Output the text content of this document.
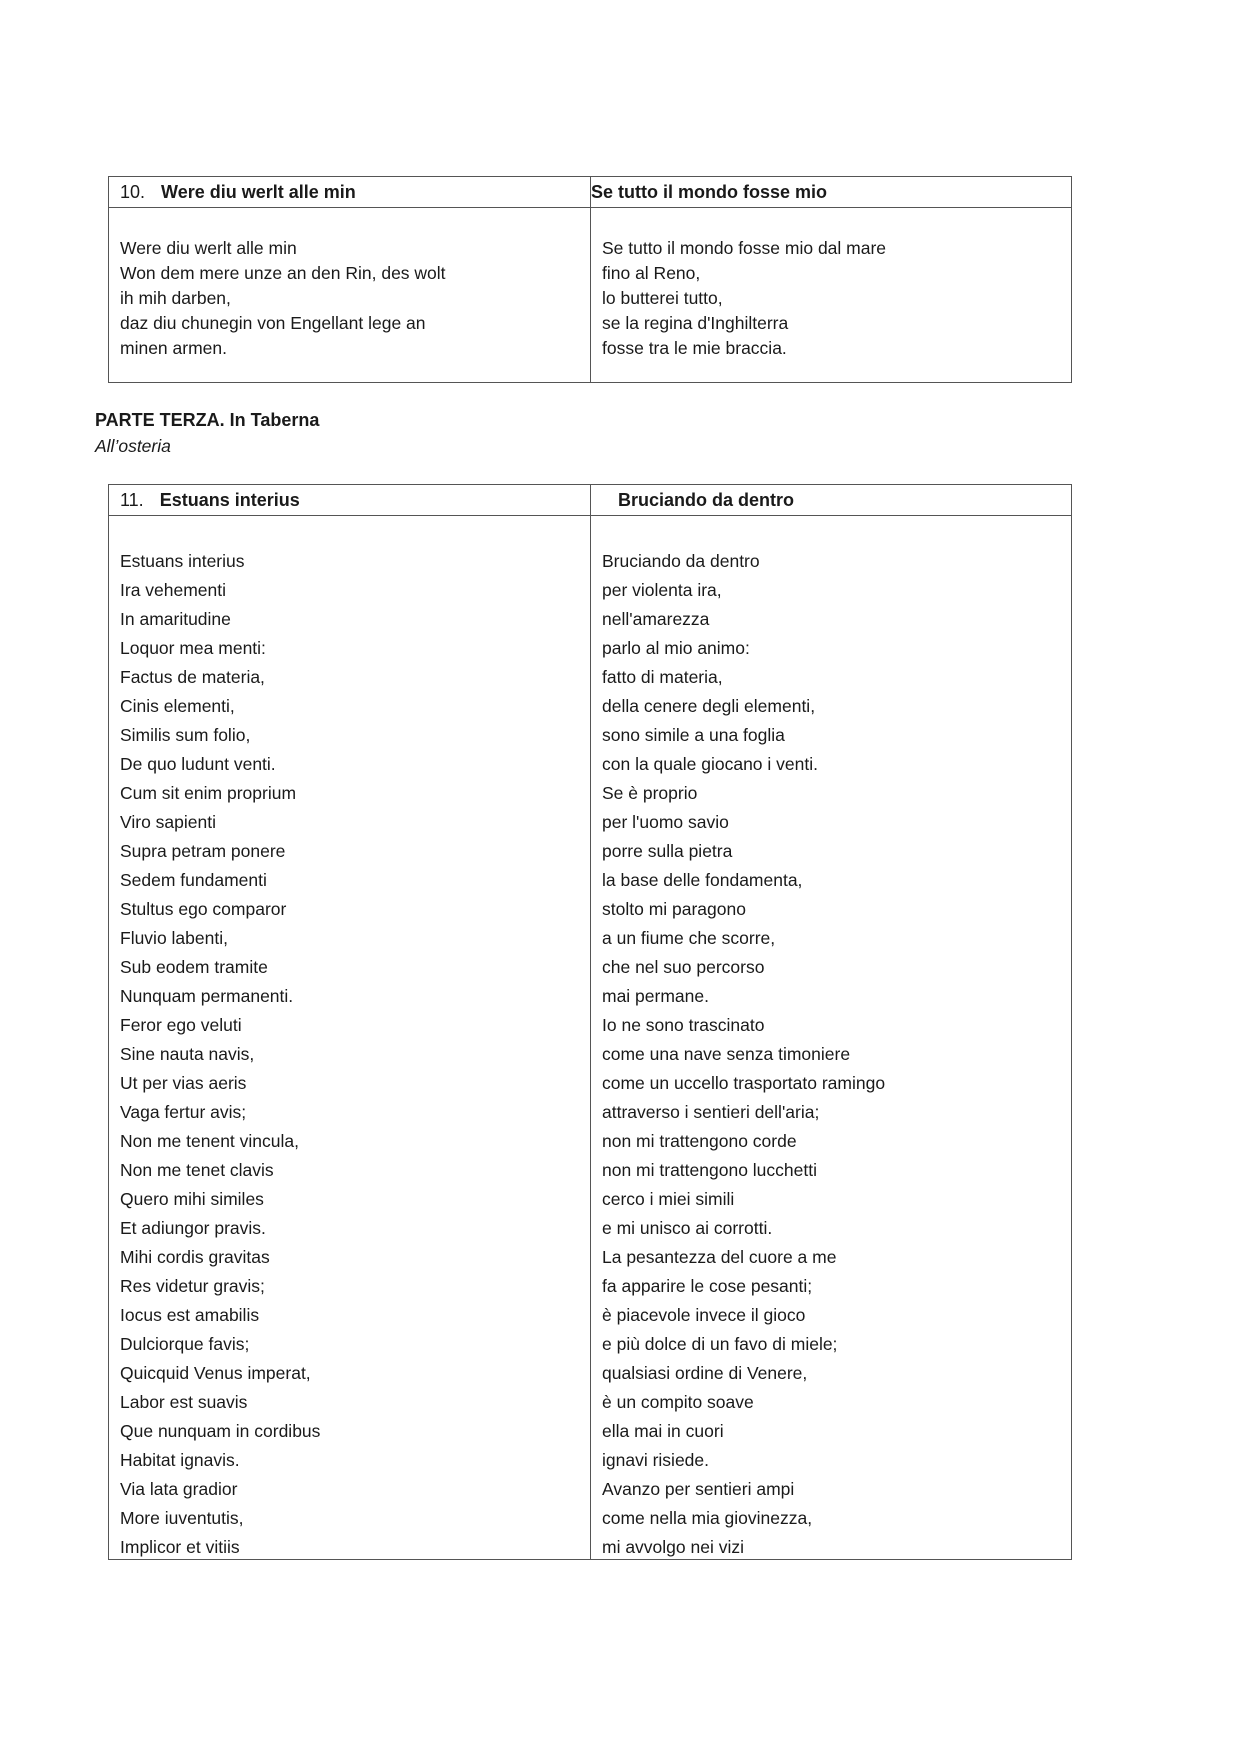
10. Were diu werlt alle min	Se tutto il mondo fosse mio
Were diu werlt alle min
Won dem mere unze an den Rin, des wolt
ih mih darben,
daz diu chunegin von Engellant lege an
minen armen.
Se tutto il mondo fosse mio dal mare
fino al Reno,
lo butterei tutto,
se la regina d'Inghilterra
fosse tra le mie braccia.
PARTE TERZA. In Taberna
All’osteria
11. Estuans interius	Bruciando da dentro
Estuans interius
Ira vehementi
In amaritudine
Loquor mea menti:
Factus de materia,
Cinis elementi,
Similis sum folio,
De quo ludunt venti.
Cum sit enim proprium
Viro sapienti
Supra petram ponere
Sedem fundamenti
Stultus ego comparor
Fluvio labenti,
Sub eodem tramite
Nunquam permanenti.
Feror ego veluti
Sine nauta navis,
Ut per vias aeris
Vaga fertur avis;
Non me tenent vincula,
Non me tenet clavis
Quero mihi similes
Et adiungor pravis.
Mihi cordis gravitas
Res videtur gravis;
Iocus est amabilis
Dulciorque favis;
Quicquid Venus imperat,
Labor est suavis
Que nunquam in cordibus
Habitat ignavis.
Via lata gradior
More iuventutis,
Implicor et vitiis
Bruciando da dentro
per violenta ira,
nell'amarezza
parlo al mio animo:
fatto di materia,
della cenere degli elementi,
sono simile a una foglia
con la quale giocano i venti.
Se è proprio
per l'uomo savio
porre sulla pietra
la base delle fondamenta,
stolto mi paragono
a un fiume che scorre,
che nel suo percorso
mai permane.
Io ne sono trascinato
come una nave senza timoniere
come un uccello trasportato ramingo
attraverso i sentieri dell'aria;
non mi trattengono corde
non mi trattengono lucchetti
cerco i miei simili
e mi unisco ai corrotti.
La pesantezza del cuore a me
fa apparire le cose pesanti;
è piacevole invece il gioco
e più dolce di un favo di miele;
qualsiasi ordine di Venere,
è un compito soave
ella mai in cuori
ignavi risiede.
Avanzo per sentieri ampi
come nella mia giovinezza,
mi avvolgo nei vizi
